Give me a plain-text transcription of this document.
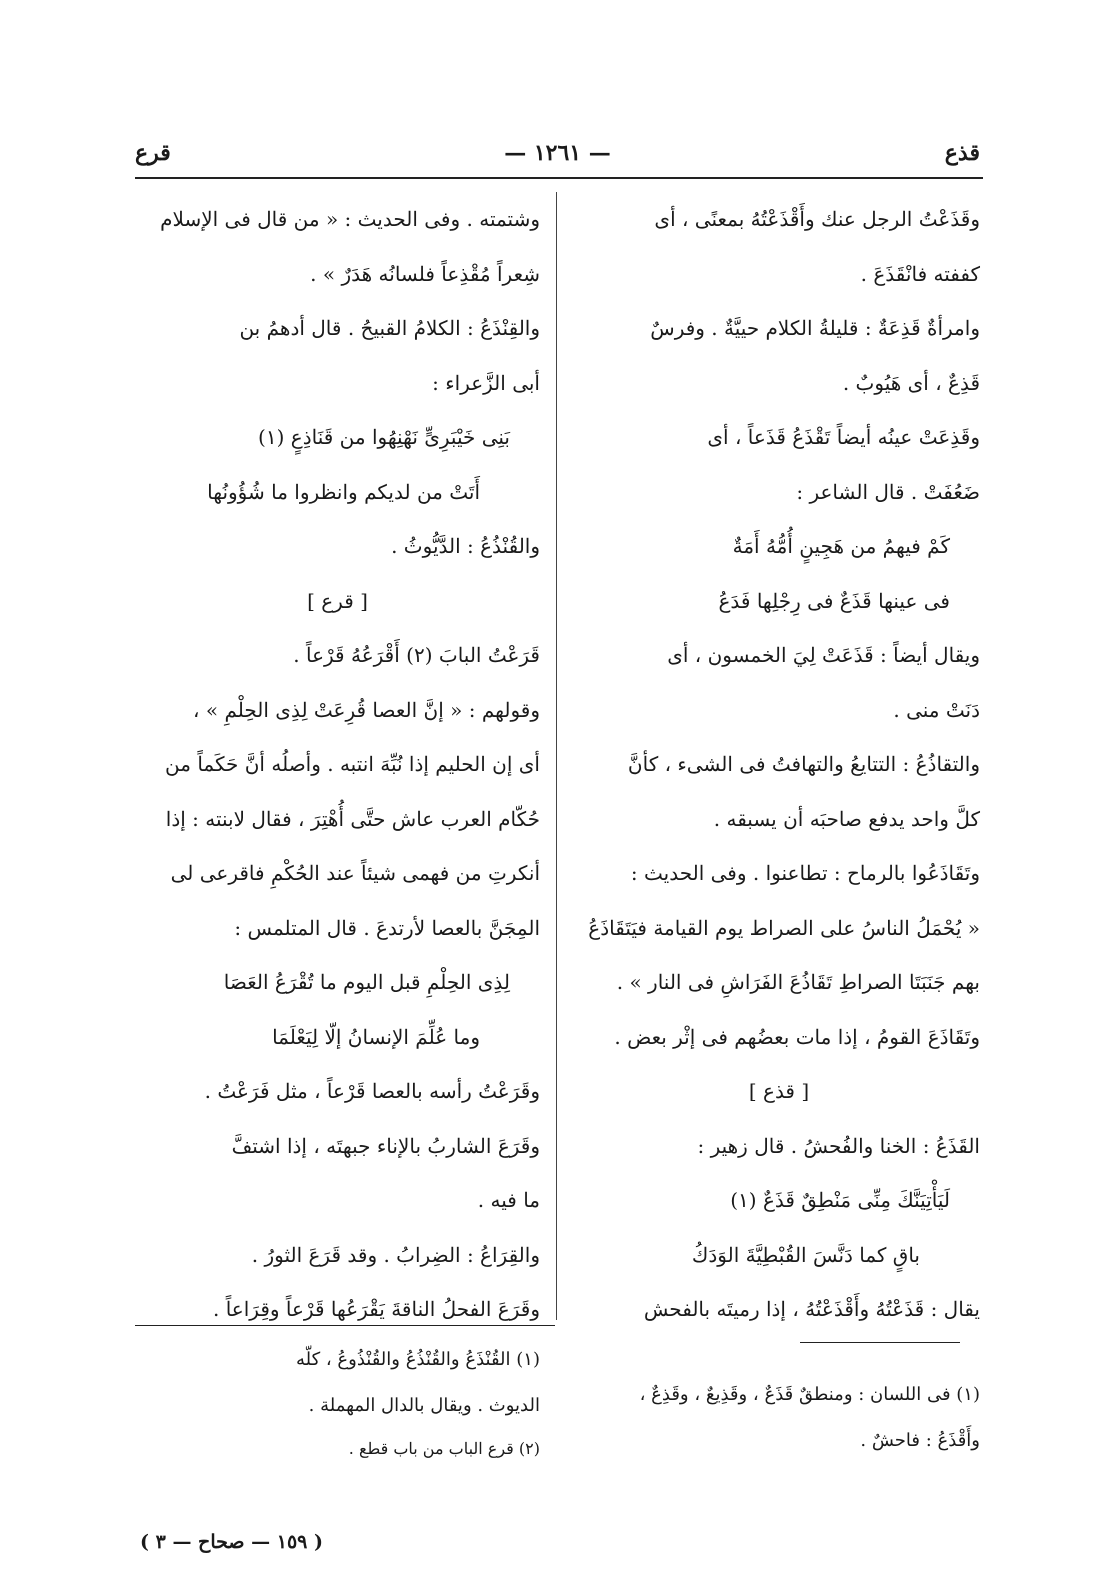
قذع
— ١٢٦١ —
قرع

وقَذَعْتُ الرجل عنك وأَقْذَعْتُهُ بمعنًى ، أى

كففته فانْقَذَعَ .

وامرأةٌ قَذِعَةٌ : قليلةُ الكلام حييَّةٌ . وفرسٌ

قَذِعٌ ، أى هَيُوبٌ .

وقَذِعَتْ عينُه أيضاً تَقْذَعُ قَذَعاً ، أى

ضَعُفَتْ . قال الشاعر :

كَمْ فيهمُ من هَجِينٍ أُمُّهُ أَمَةٌ

فى عينها قَذَعٌ فى رِجْلِها فَدَعُ

ويقال أيضاً : قَذَعَتْ لِيَ الخمسون ، أى

دَنَتْ منى .

والتقاذُعُ : التتايعُ والتهافتُ فى الشىء ، كأنَّ

كلَّ واحد يدفع صاحبَه أن يسبقه .

وتَقَاذَعُوا بالرماح : تطاعنوا . وفى الحديث :

« يُحْمَلُ الناسُ على الصراط يوم القيامة فيَتَقَاذَعُ

بهم جَنَبَتَا الصراطِ تَقَاذُعَ الفَرَاشِ فى النار » .

وتَقَاذَعَ القومُ ، إذا مات بعضُهم فى إثْر بعض .

[ قذع ]

القَذَعُ : الخنا والفُحشُ . قال زهير :

لَيَأْتِيَنَّكَ مِنِّى مَنْطِقٌ قَذَعٌ (١)

باقٍ كما دَنَّسَ القُبْطِيَّةَ الوَدَكُ

يقال : قَذَعْتُهُ وأَقْذَعْتُهُ ، إذا رميتَه بالفحش

وشتمته . وفى الحديث : « من قال فى الإسلام

شِعراً مُقْذِعاً فلسانُه هَدَرٌ » .

والقِنْذَعُ : الكلامُ القبيحُ . قال أدهمُ بن

أبى الزَّعراء :

بَنِى خَيْبَرِىٍّ نَهْنِهُوا من قَنَاذِعٍ (١)

أَتَتْ من لديكم وانظروا ما شُؤُونُها

والقُنْذُعُ : الدَّيُّوثُ .

[ قرع ]

قَرَعْتُ البابَ (٢) أَقْرَعُهُ قَرْعاً .

وقولهم : « إنَّ العصا قُرِعَتْ لِذِى الحِلْمِ » ،

أى إن الحليم إذا نُبِّهَ انتبه . وأصلُه أنَّ حَكَماً من

حُكّام العرب عاش حتَّى أُهْتِرَ ، فقال لابنته : إذا

أنكرتِ من فهمى شيئاً عند الحُكْمِ فاقرعى لى

المِجَنَّ بالعصا لأرتدعَ . قال المتلمس :

لِذِى الحِلْمِ قبل اليوم ما تُقْرَعُ العَصَا

وما عُلِّمَ الإنسانُ إلّا لِيَعْلَمَا

وقَرَعْتُ رأسه بالعصا قَرْعاً ، مثل فَرَعْتُ .

وقَرَعَ الشاربُ بالإناء جبهتَه ، إذا اشتفَّ

ما فيه .

والقِرَاعُ : الضِرابُ . وقد قَرَعَ الثورُ .

وقَرَعَ الفحلُ الناقةَ يَقْرَعُها قَرْعاً وقِرَاعاً .

(١) القُنْذَعُ والقُنْذُعُ والقُنْذُوعُ ، كلّه

الديوث . ويقال بالدال المهملة .

(٢) قرع الباب من باب قطع .

(١) فى اللسان : ومنطقٌ قَذَعٌ ، وقَذِيعٌ ، وقَذِعٌ ،

وأَقْذَعُ : فاحشٌ .

( ١٥٩ — صحاح — ٣ )
